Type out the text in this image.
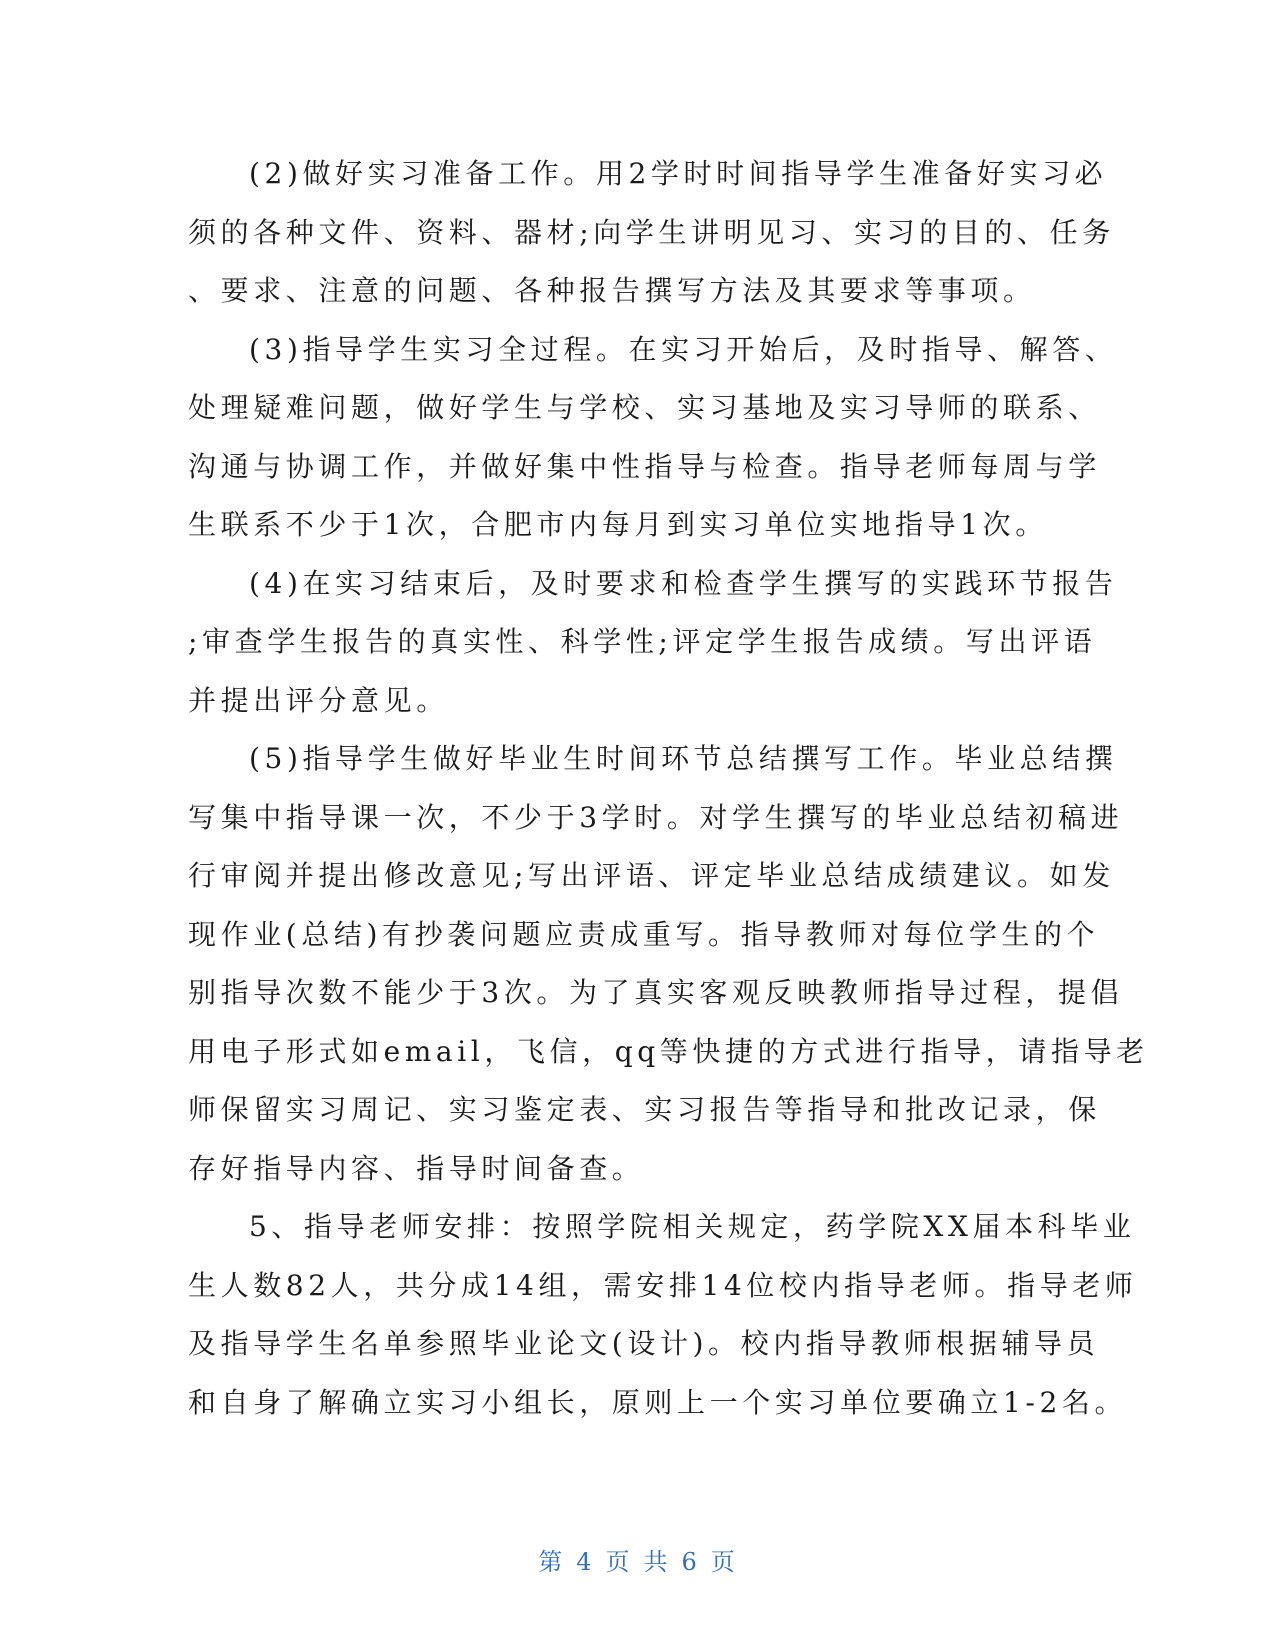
(2)做好实习准备工作。用2学时时间指导学生准备好实习必
须的各种文件、资料、器材;向学生讲明见习、实习的目的、任务
、要求、注意的问题、各种报告撰写方法及其要求等事项。
(3)指导学生实习全过程。在实习开始后，及时指导、解答、
处理疑难问题，做好学生与学校、实习基地及实习导师的联系、
沟通与协调工作，并做好集中性指导与检查。指导老师每周与学
生联系不少于1次，合肥市内每月到实习单位实地指导1次。
(4)在实习结束后，及时要求和检查学生撰写的实践环节报告
;审查学生报告的真实性、科学性;评定学生报告成绩。写出评语
并提出评分意见。
(5)指导学生做好毕业生时间环节总结撰写工作。毕业总结撰
写集中指导课一次，不少于3学时。对学生撰写的毕业总结初稿进
行审阅并提出修改意见;写出评语、评定毕业总结成绩建议。如发
现作业(总结)有抄袭问题应责成重写。指导教师对每位学生的个
别指导次数不能少于3次。为了真实客观反映教师指导过程，提倡
用电子形式如email，飞信，qq等快捷的方式进行指导，请指导老
师保留实习周记、实习鉴定表、实习报告等指导和批改记录，保
存好指导内容、指导时间备查。
5、指导老师安排：按照学院相关规定，药学院XX届本科毕业
生人数82人，共分成14组，需安排14位校内指导老师。指导老师
及指导学生名单参照毕业论文(设计)。校内指导教师根据辅导员
和自身了解确立实习小组长，原则上一个实习单位要确立1-2名。
第 4 页 共 6 页
